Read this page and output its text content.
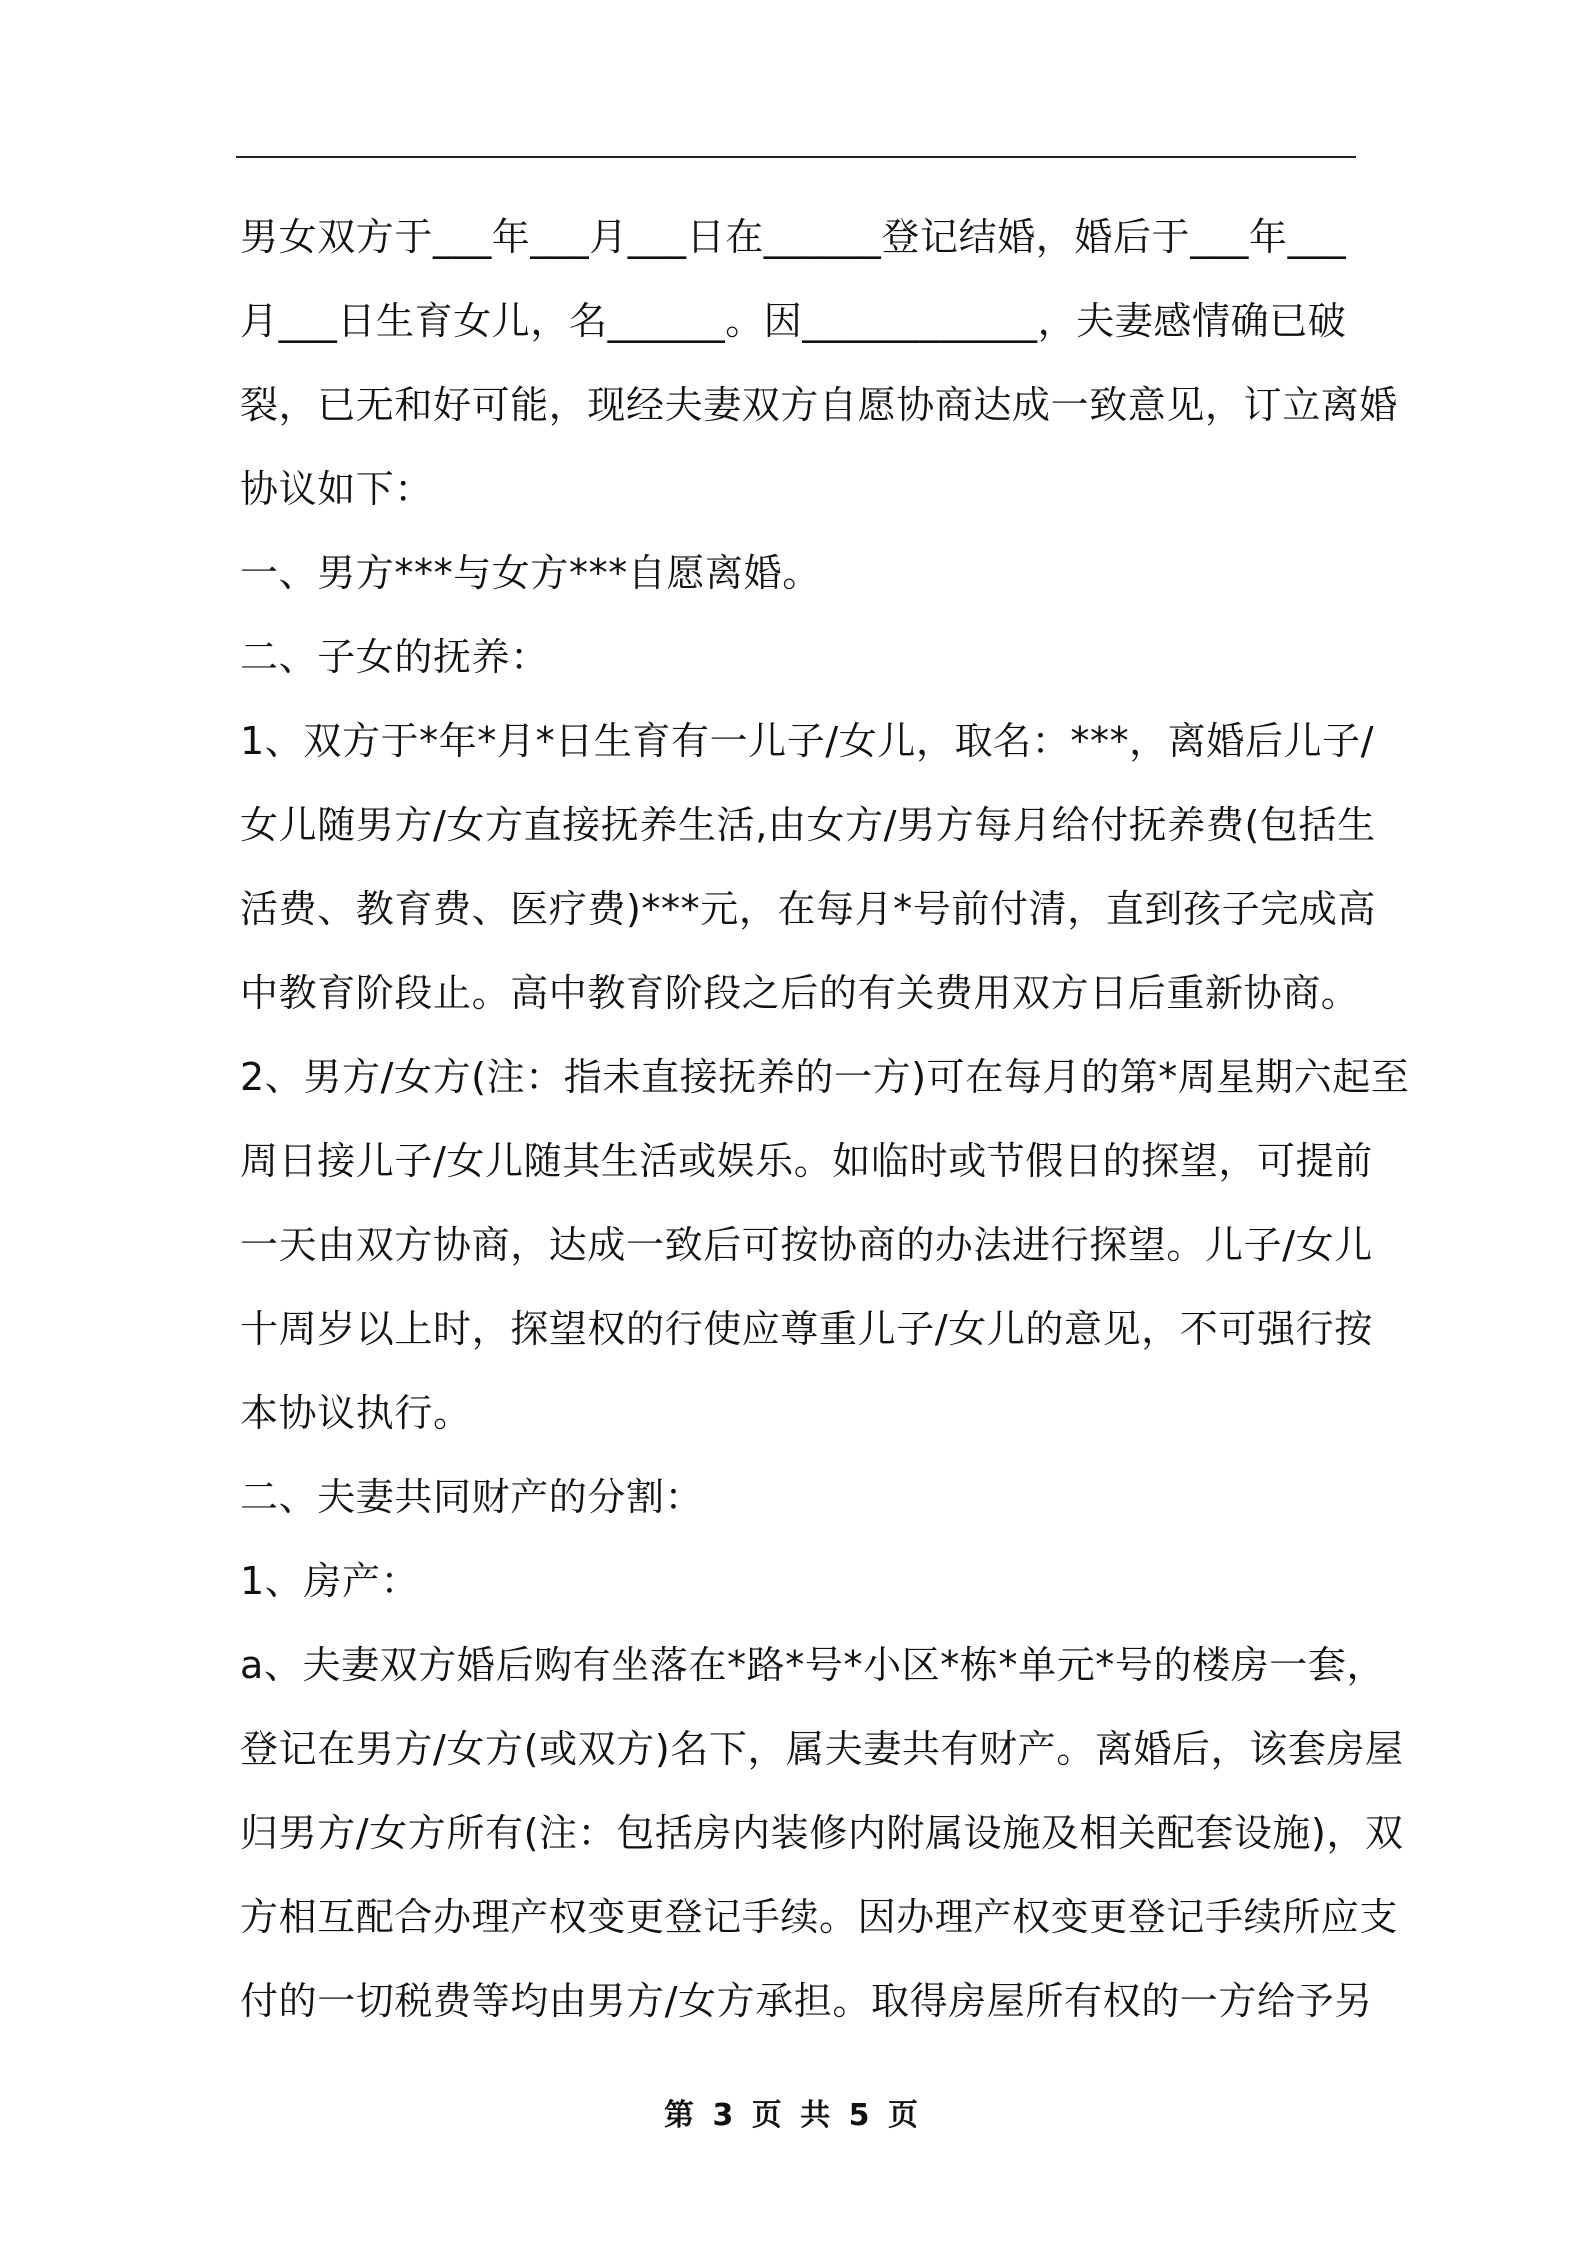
男女双方于___年___月___日在______登记结婚，婚后于___年___
月___日生育女儿，名______。因____________，夫妻感情确已破
裂，已无和好可能，现经夫妻双方自愿协商达成一致意见，订立离婚
协议如下：
一、男方***与女方***自愿离婚。
二、子女的抚养：
1、双方于*年*月*日生育有一儿子/女儿，取名：***，离婚后儿子/
女儿随男方/女方直接抚养生活,由女方/男方每月给付抚养费(包括生
活费、教育费、医疗费)***元，在每月*号前付清，直到孩子完成高
中教育阶段止。高中教育阶段之后的有关费用双方日后重新协商。
2、男方/女方(注：指未直接抚养的一方)可在每月的第*周星期六起至
周日接儿子/女儿随其生活或娱乐。如临时或节假日的探望，可提前
一天由双方协商，达成一致后可按协商的办法进行探望。儿子/女儿
十周岁以上时，探望权的行使应尊重儿子/女儿的意见，不可强行按
本协议执行。
二、夫妻共同财产的分割：
1、房产：
a、夫妻双方婚后购有坐落在*路*号*小区*栋*单元*号的楼房一套，
登记在男方/女方(或双方)名下，属夫妻共有财产。离婚后，该套房屋
归男方/女方所有(注：包括房内装修内附属设施及相关配套设施)，双
方相互配合办理产权变更登记手续。因办理产权变更登记手续所应支
付的一切税费等均由男方/女方承担。取得房屋所有权的一方给予另
第 3 页 共 5 页
